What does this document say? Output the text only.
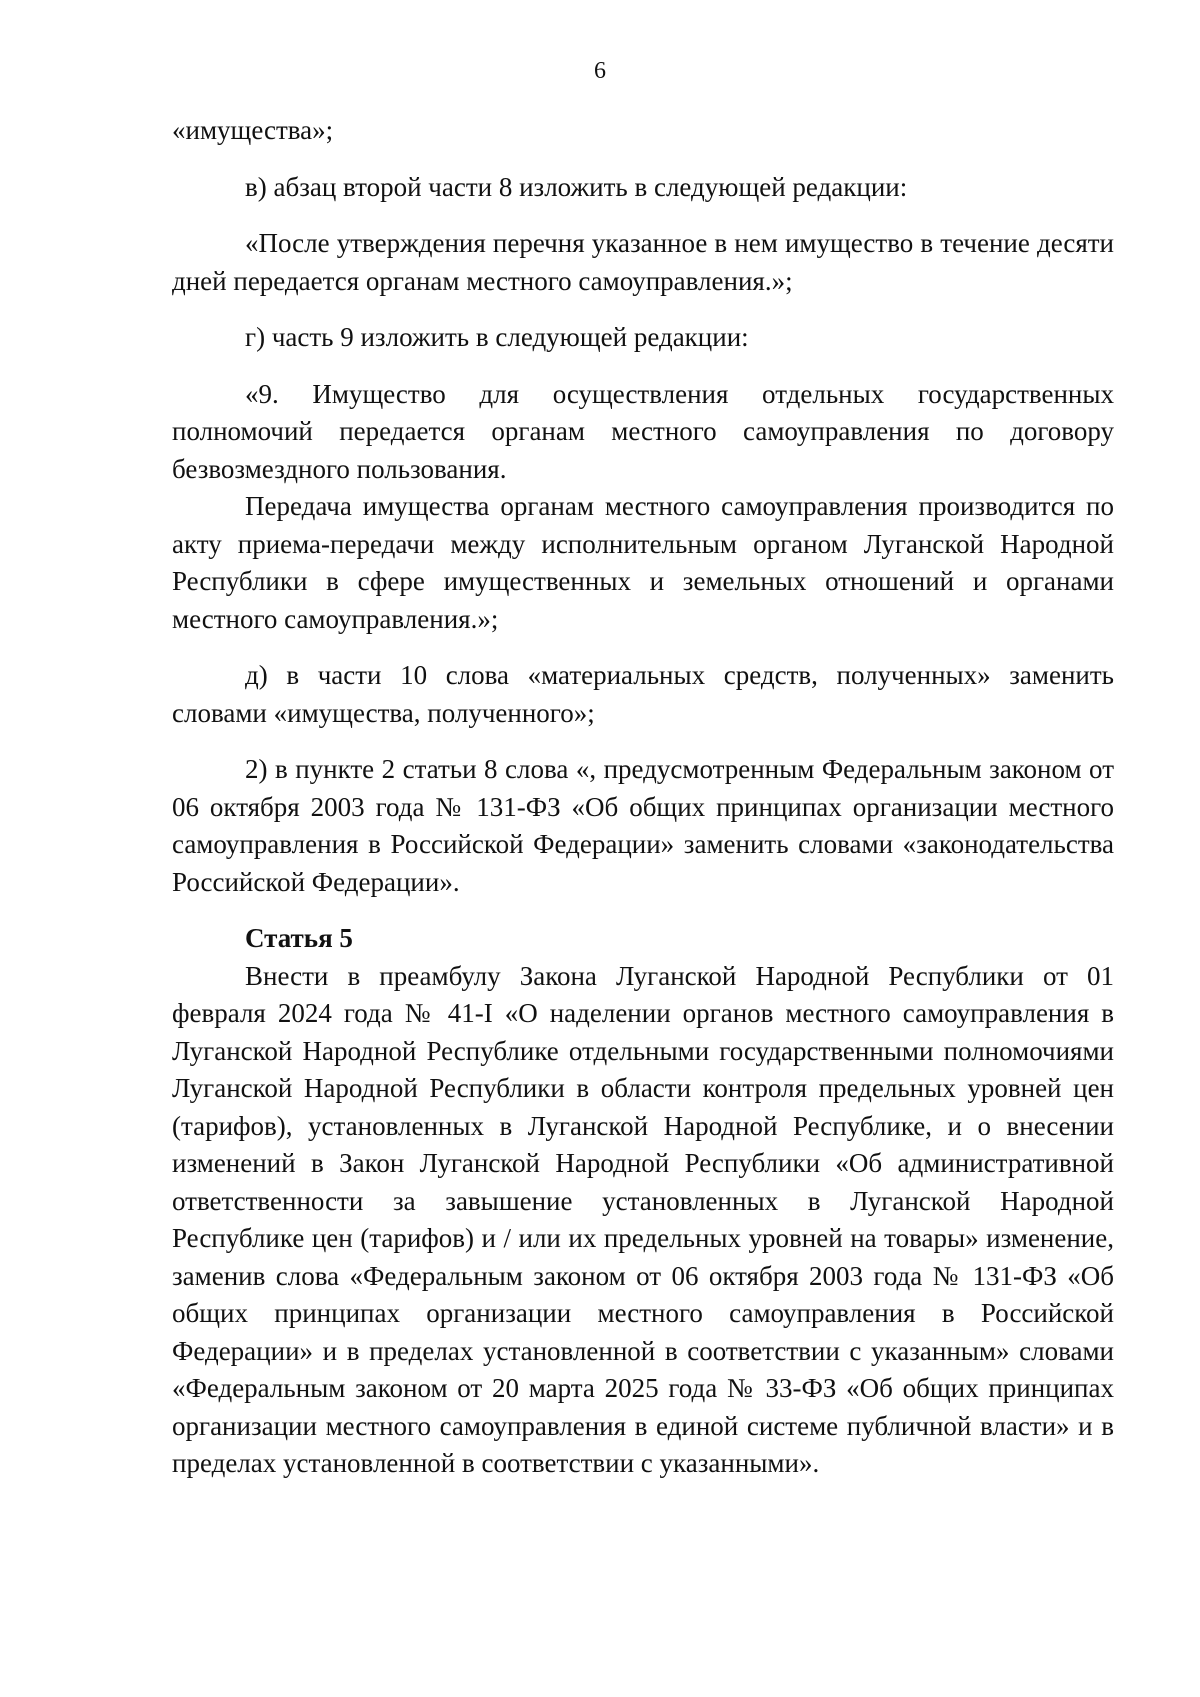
6

«имущества»;

в) абзац второй части 8 изложить в следующей редакции:

«После утверждения перечня указанное в нем имущество в течение десяти дней передается органам местного самоуправления.»;

г) часть 9 изложить в следующей редакции:

«9. Имущество для осуществления отдельных государственных полномочий передается органам местного самоуправления по договору безвозмездного пользования.

Передача имущества органам местного самоуправления производится по акту приема-передачи между исполнительным органом Луганской Народной Республики в сфере имущественных и земельных отношений и органами местного самоуправления.»;

д) в части 10 слова «материальных средств, полученных» заменить словами «имущества, полученного»;

2) в пункте 2 статьи 8 слова «, предусмотренным Федеральным законом от 06 октября 2003 года № 131-ФЗ «Об общих принципах организации местного самоуправления в Российской Федерации» заменить словами «законодательства Российской Федерации».

Статья 5

Внести в преамбулу Закона Луганской Народной Республики от 01 февраля 2024 года № 41-I «О наделении органов местного самоуправления в Луганской Народной Республике отдельными государственными полномочиями Луганской Народной Республики в области контроля предельных уровней цен (тарифов), установленных в Луганской Народной Республике, и о внесении изменений в Закон Луганской Народной Республики «Об административной ответственности за завышение установленных в Луганской Народной Республике цен (тарифов) и / или их предельных уровней на товары» изменение, заменив слова «Федеральным законом от 06 октября 2003 года № 131-ФЗ «Об общих принципах организации местного самоуправления в Российской Федерации» и в пределах установленной в соответствии с указанным» словами «Федеральным законом от 20 марта 2025 года № 33-ФЗ «Об общих принципах организации местного самоуправления в единой системе публичной власти» и в пределах установленной в соответствии с указанными».
